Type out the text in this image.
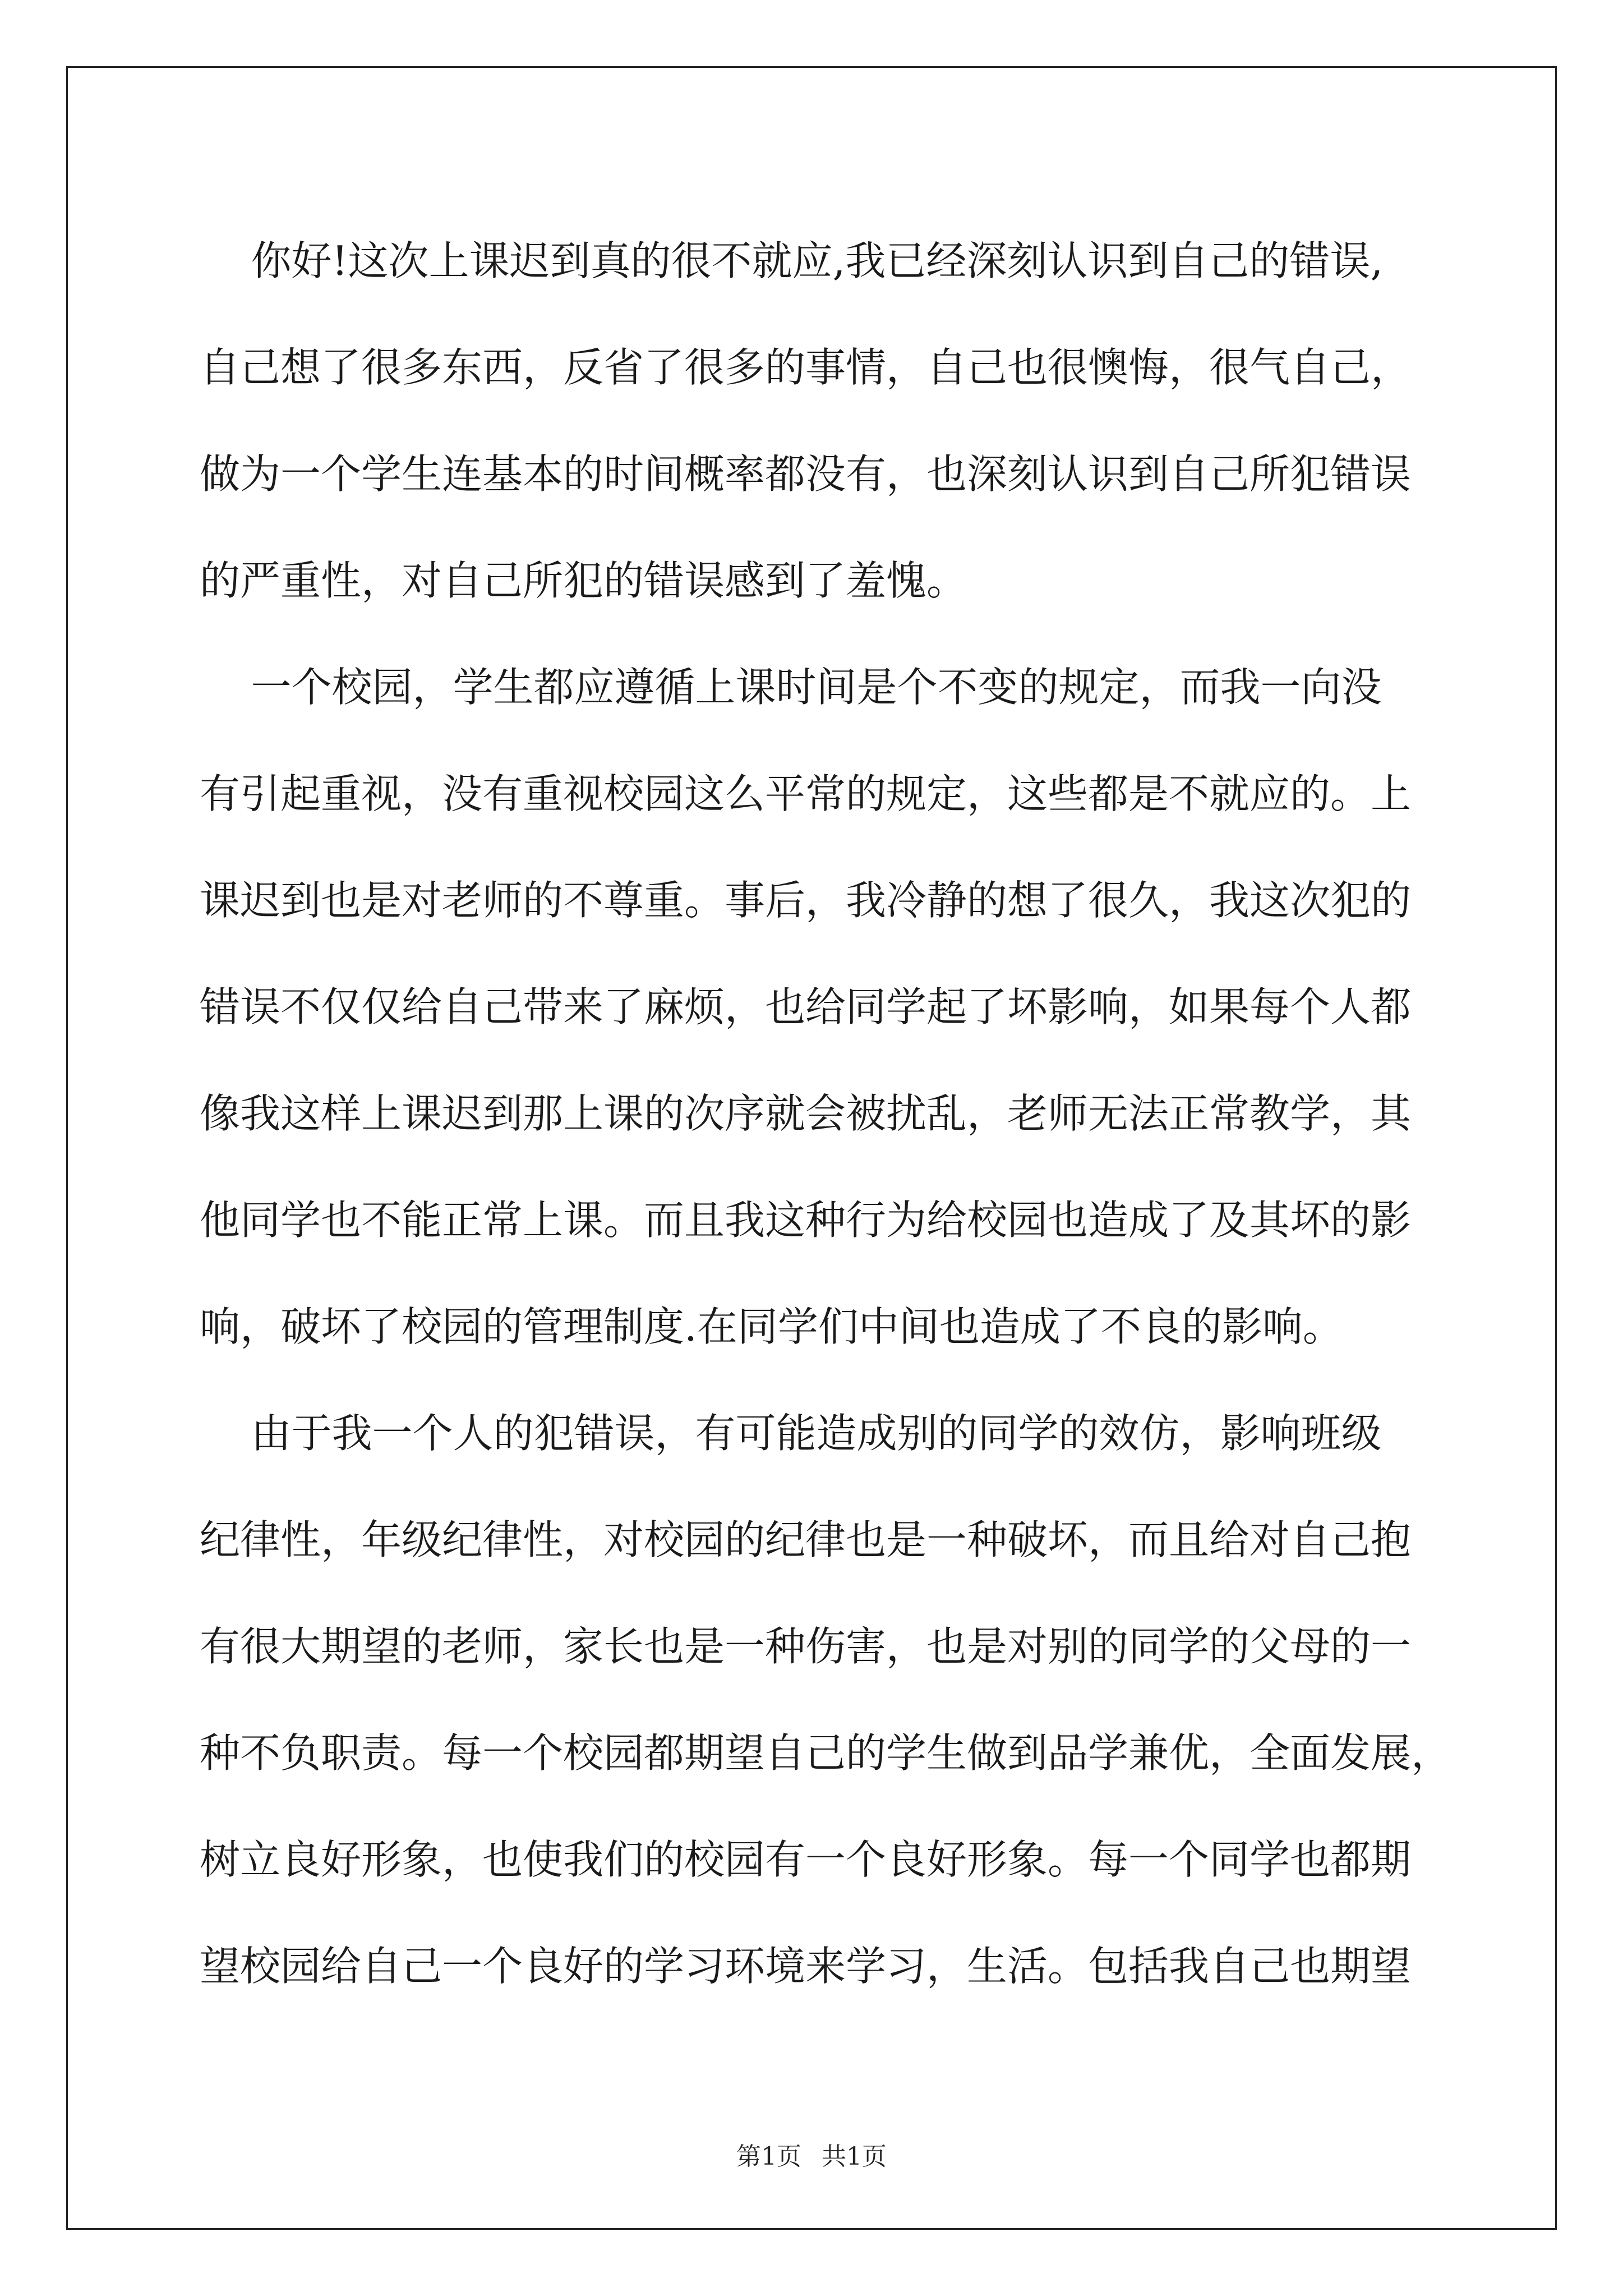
你好!这次上课迟到真的很不就应,我已经深刻认识到自己的错误,
自己想了很多东西，反省了很多的事情，自己也很懊悔，很气自己，
做为一个学生连基本的时间概率都没有，也深刻认识到自己所犯错误
的严重性，对自己所犯的错误感到了羞愧。
一个校园，学生都应遵循上课时间是个不变的规定，而我一向没
有引起重视，没有重视校园这么平常的规定，这些都是不就应的。上
课迟到也是对老师的不尊重。事后，我冷静的想了很久，我这次犯的
错误不仅仅给自己带来了麻烦，也给同学起了坏影响，如果每个人都
像我这样上课迟到那上课的次序就会被扰乱，老师无法正常教学，其
他同学也不能正常上课。而且我这种行为给校园也造成了及其坏的影
响，破坏了校园的管理制度.在同学们中间也造成了不良的影响。
由于我一个人的犯错误，有可能造成别的同学的效仿，影响班级
纪律性，年级纪律性，对校园的纪律也是一种破坏，而且给对自己抱
有很大期望的老师，家长也是一种伤害，也是对别的同学的父母的一
种不负职责。每一个校园都期望自己的学生做到品学兼优，全面发展，
树立良好形象，也使我们的校园有一个良好形象。每一个同学也都期
望校园给自己一个良好的学习环境来学习，生活。包括我自己也期望
第1页 共1页
